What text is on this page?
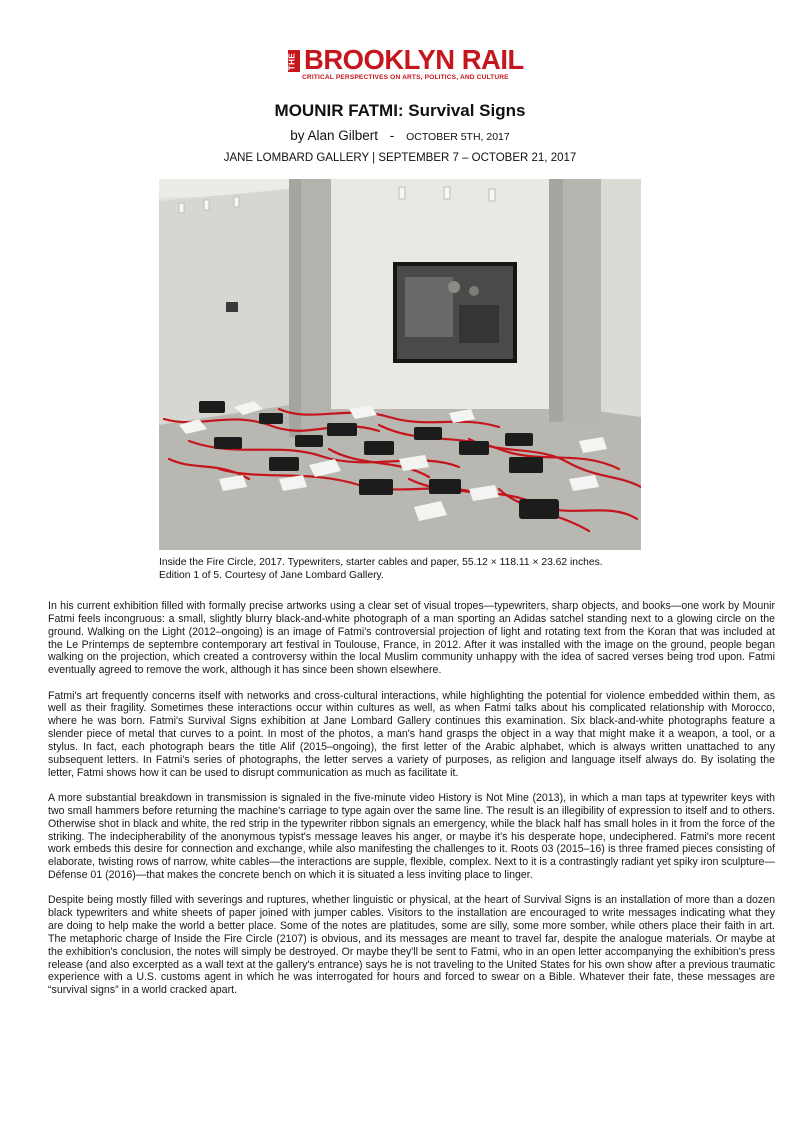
THE BROOKLYN RAIL
CRITICAL PERSPECTIVES ON ARTS, POLITICS, AND CULTURE
MOUNIR FATMI: Survival Signs
by Alan Gilbert - OCTOBER 5TH, 2017
JANE LOMBARD GALLERY | SEPTEMBER 7 – OCTOBER 21, 2017
Inside the Fire Circle, 2017. Typewriters, starter cables and paper, 55.12 × 118.11 × 23.62 inches.
Edition 1 of 5. Courtesy of Jane Lombard Gallery.

In his current exhibition filled with formally precise artworks using a clear set of visual tropes—typewriters, sharp objects, and books—one work by Mounir Fatmi feels incongruous: a small, slightly blurry black-and-white photograph of a man sporting an Adidas satchel standing next to a glowing circle on the ground. Walking on the Light (2012–ongoing) is an image of Fatmi's controversial projection of light and rotating text from the Koran that was included at the Le Printemps de septembre contemporary art festival in Toulouse, France, in 2012. After it was installed with the image on the ground, people began walking on the projection, which created a controversy within the local Muslim community unhappy with the idea of sacred verses being trod upon. Fatmi eventually agreed to remove the work, although it has since been shown elsewhere.

Fatmi's art frequently concerns itself with networks and cross-cultural interactions, while highlighting the potential for violence embedded within them, as well as their fragility. Sometimes these interactions occur within cultures as well, as when Fatmi talks about his complicated relationship with Morocco, where he was born. Fatmi's Survival Signs exhibition at Jane Lombard Gallery continues this examination. Six black-and-white photographs feature a slender piece of metal that curves to a point. In most of the photos, a man's hand grasps the object in a way that might make it a weapon, a tool, or a stylus. In fact, each photograph bears the title Alif (2015–ongoing), the first letter of the Arabic alphabet, which is always written unattached to any subsequent letters. In Fatmi's series of photographs, the letter serves a variety of purposes, as religion and language itself always do. By isolating the letter, Fatmi shows how it can be used to disrupt communication as much as facilitate it.

A more substantial breakdown in transmission is signaled in the five-minute video History is Not Mine (2013), in which a man taps at typewriter keys with two small hammers before returning the machine's carriage to type again over the same line. The result is an illegibility of expression to itself and to others. Otherwise shot in black and white, the red strip in the typewriter ribbon signals an emergency, while the black half has small holes in it from the force of the striking. The indecipherability of the anonymous typist's message leaves his anger, or maybe it's his desperate hope, undeciphered. Fatmi's more recent work embeds this desire for connection and exchange, while also manifesting the challenges to it. Roots 03 (2015–16) is three framed pieces consisting of elaborate, twisting rows of narrow, white cables—the interactions are supple, flexible, complex. Next to it is a contrastingly radiant yet spiky iron sculpture—Défense 01 (2016)—that makes the concrete bench on which it is situated a less inviting place to linger.

Despite being mostly filled with severings and ruptures, whether linguistic or physical, at the heart of Survival Signs is an installation of more than a dozen black typewriters and white sheets of paper joined with jumper cables. Visitors to the installation are encouraged to write messages indicating what they are doing to help make the world a better place. Some of the notes are platitudes, some are silly, some more somber, while others place their faith in art. The metaphoric charge of Inside the Fire Circle (2107) is obvious, and its messages are meant to travel far, despite the analogue materials. Or maybe at the exhibition's conclusion, the notes will simply be destroyed. Or maybe they'll be sent to Fatmi, who in an open letter accompanying the exhibition's press release (and also excerpted as a wall text at the gallery's entrance) says he is not traveling to the United States for his own show after a previous traumatic experience with a U.S. customs agent in which he was interrogated for hours and forced to swear on a Bible. Whatever their fate, these messages are “survival signs” in a world cracked apart.
